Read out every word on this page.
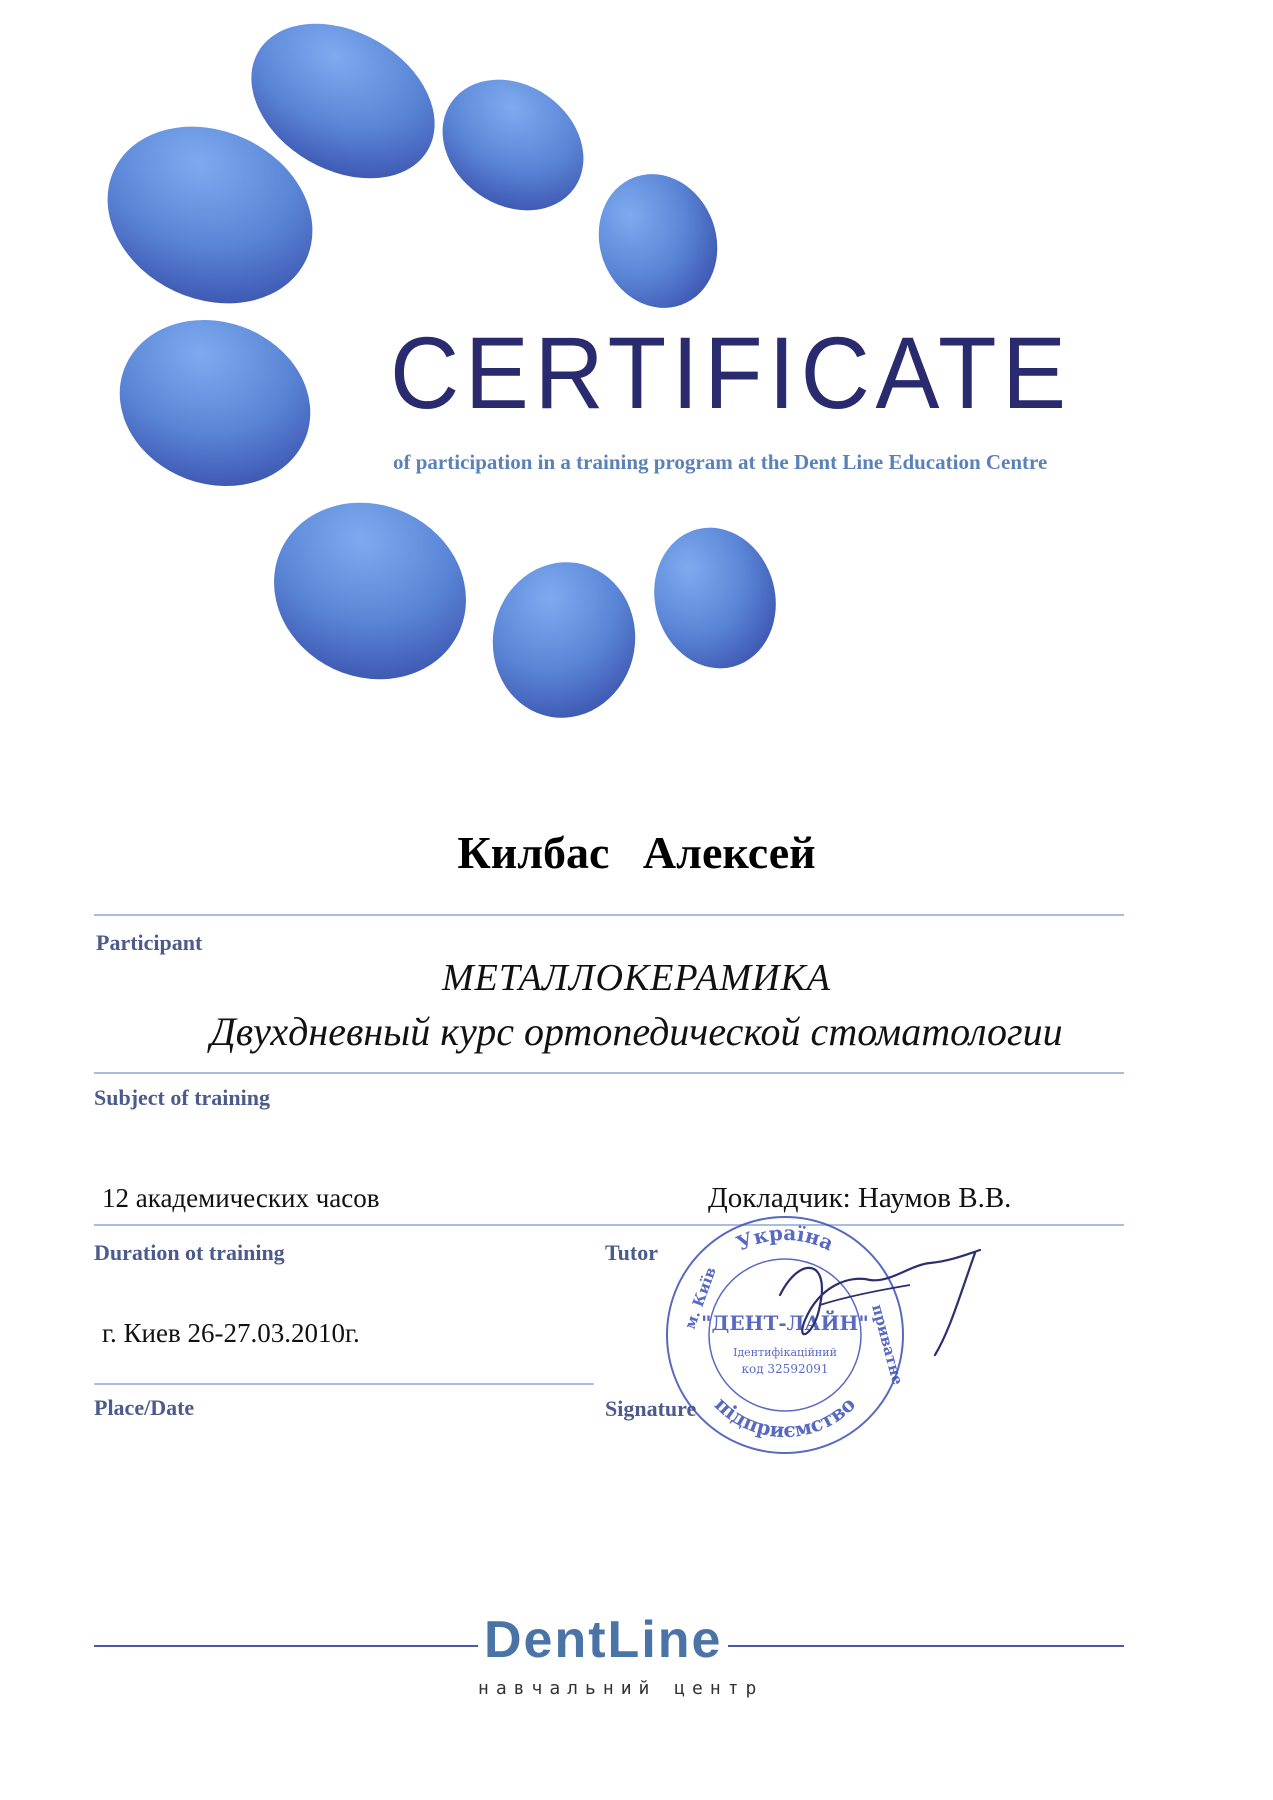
CERTIFICATE
of participation in a training program at the Dent Line Education Centre
Килбас Алексей
Participant
МЕТАЛЛОКЕРАМИКА
Двухдневный курс ортопедической стоматологии
Subject of training
12 академических часов	Докладчик: Наумов В.В.
Duration ot training	Tutor
г. Киев 26-27.03.2010г.
Place/Date	Signature
Україна
підприємство
м. Київ
приватне
"ДЕНТ-ЛАЙН"
Ідентифікаційний
код 32592091
DentLine
навчальний центр
